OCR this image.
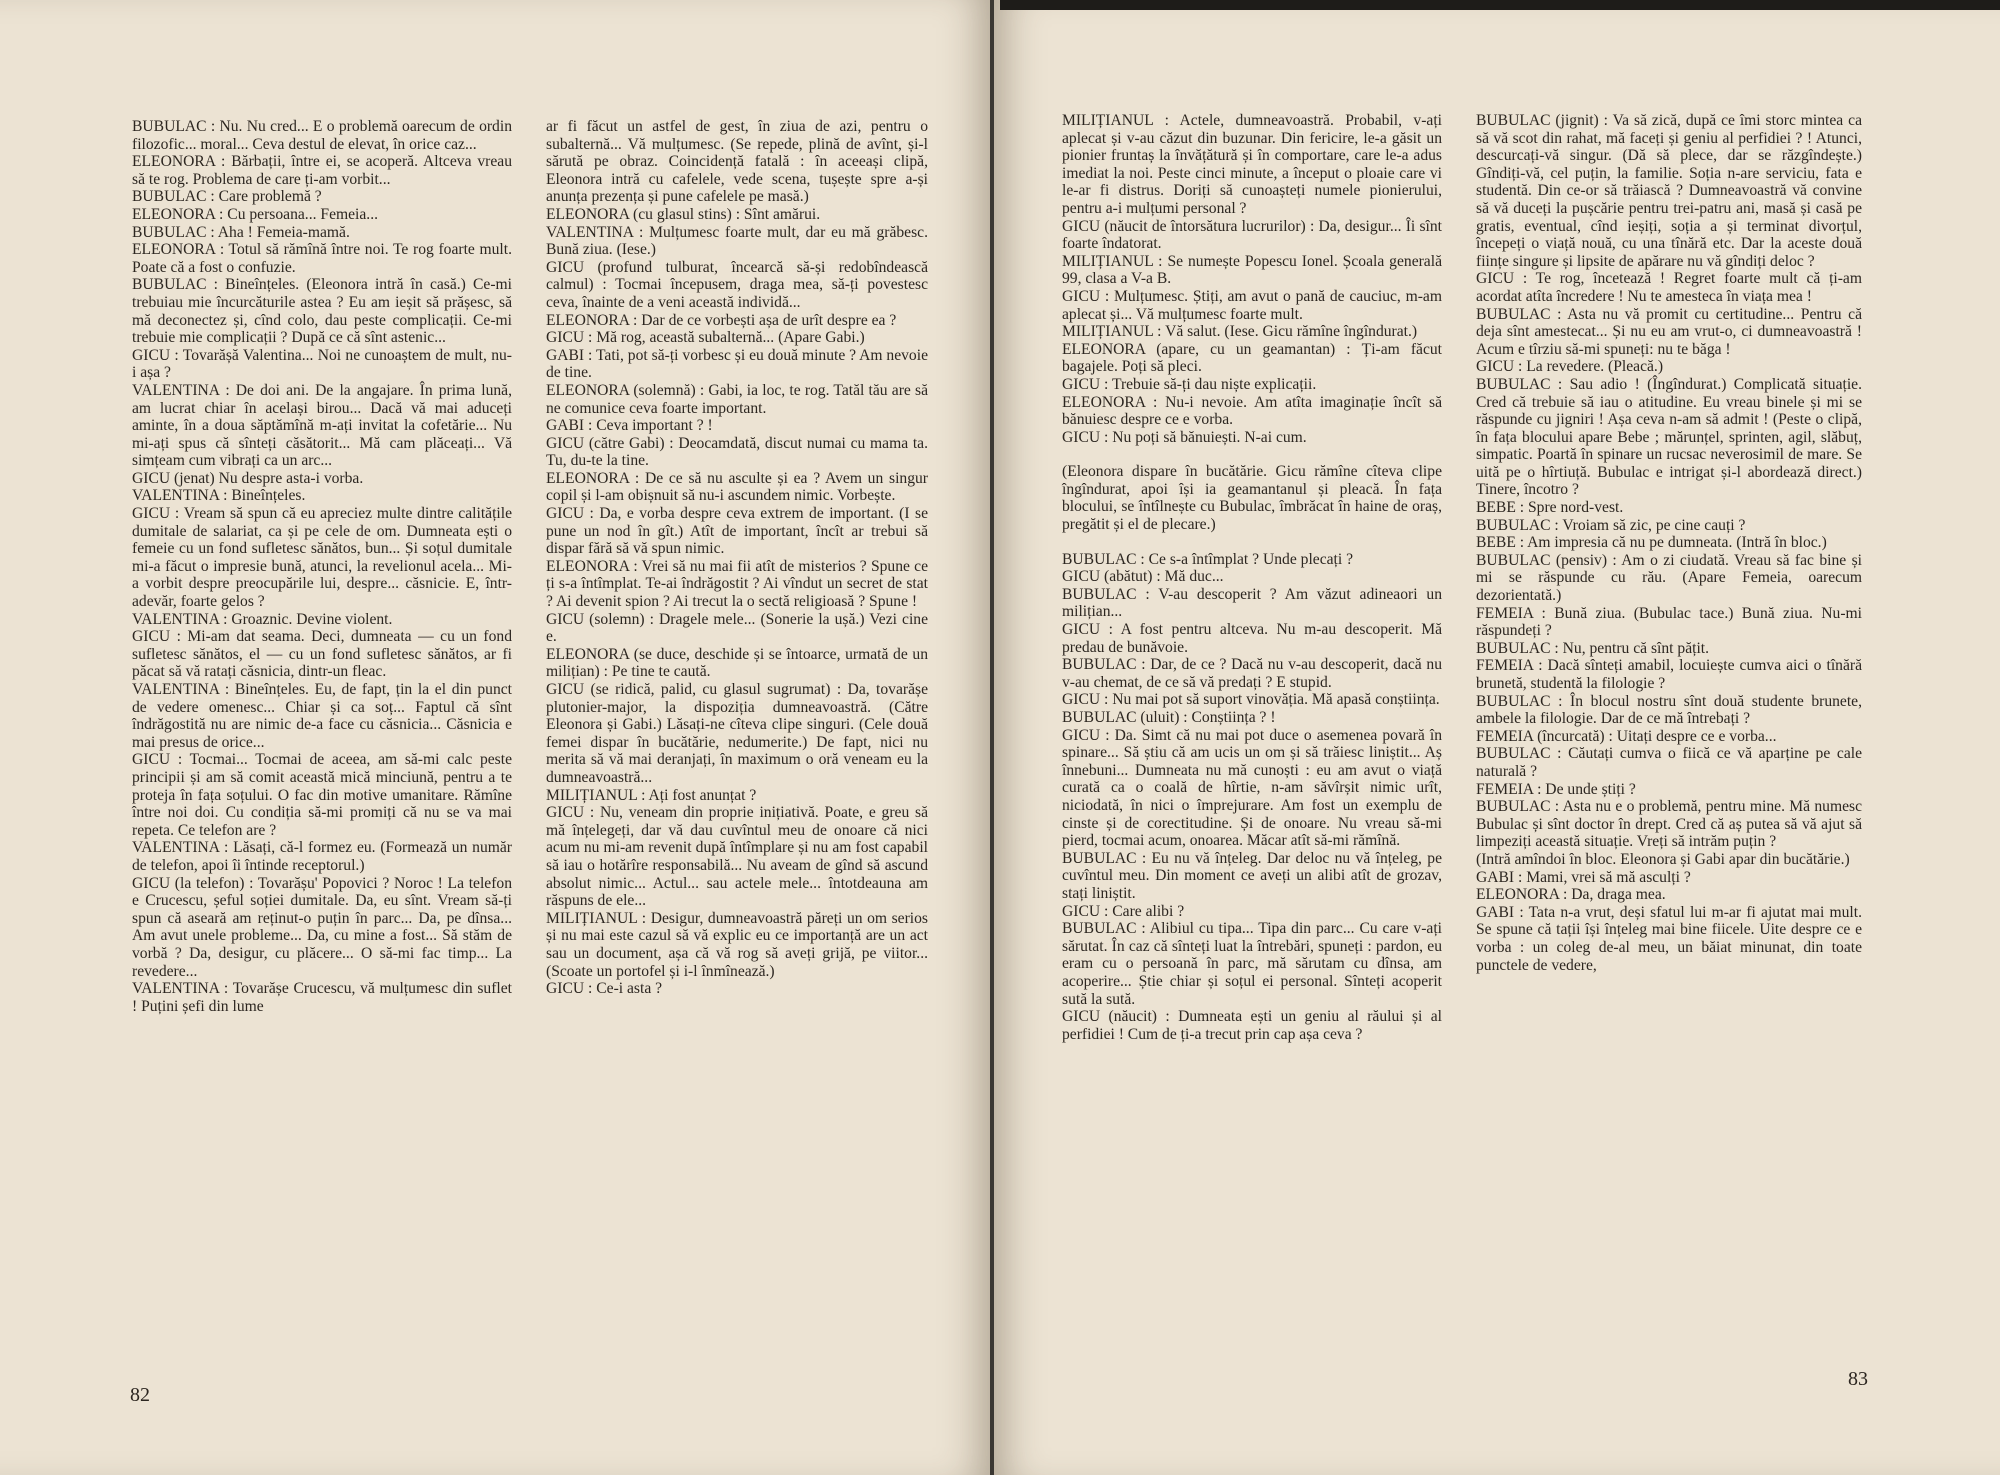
BUBULAC : Nu. Nu cred... E o problemă oarecum de ordin filozofic... moral... Ceva destul de elevat, în orice caz...

ELEONORA : Bărbații, între ei, se acoperă. Altceva vreau să te rog. Problema de care ți-am vorbit...

BUBULAC : Care problemă ?

ELEONORA : Cu persoana... Femeia...

BUBULAC : Aha ! Femeia-mamă.

ELEONORA : Totul să rămînă între noi. Te rog foarte mult. Poate că a fost o confuzie.

BUBULAC : Bineînțeles. (Eleonora intră în casă.) Ce-mi trebuiau mie încurcăturile astea ? Eu am ieșit să prășesc, să mă deconectez și, cînd colo, dau peste complicații. Ce-mi trebuie mie complicații ? După ce că sînt astenic...

GICU : Tovarășă Valentina... Noi ne cunoaștem de mult, nu-i așa ?

VALENTINA : De doi ani. De la angajare. În prima lună, am lucrat chiar în același birou... Dacă vă mai aduceți aminte, în a doua săptămînă m-ați invitat la cofetărie... Nu mi-ați spus că sînteți căsătorit... Mă cam plăceați... Vă simțeam cum vibrați ca un arc...

GICU (jenat) Nu despre asta-i vorba.

VALENTINA : Bineînțeles.

GICU : Vream să spun că eu apreciez multe dintre calitățile dumitale de salariat, ca și pe cele de om. Dumneata ești o femeie cu un fond sufletesc sănătos, bun... Și soțul dumitale mi-a făcut o impresie bună, atunci, la revelionul acela... Mi-a vorbit despre preocupările lui, despre... căsnicie. E, într-adevăr, foarte gelos ?

VALENTINA : Groaznic. Devine violent.

GICU : Mi-am dat seama. Deci, dumneata — cu un fond sufletesc sănătos, el — cu un fond sufletesc sănătos, ar fi păcat să vă ratați căsnicia, dintr-un fleac.

VALENTINA : Bineînțeles. Eu, de fapt, țin la el din punct de vedere omenesc... Chiar și ca soț... Faptul că sînt îndrăgostită nu are nimic de-a face cu căsnicia... Căsnicia e mai presus de orice...

GICU : Tocmai... Tocmai de aceea, am să-mi calc peste principii și am să comit această mică minciună, pentru a te proteja în fața soțului. O fac din motive umanitare. Rămîne între noi doi. Cu condiția să-mi promiți că nu se va mai repeta. Ce telefon are ?

VALENTINA : Lăsați, că-l formez eu. (Formează un număr de telefon, apoi îi întinde receptorul.)

GICU (la telefon) : Tovarășu' Popovici ? Noroc ! La telefon e Crucescu, șeful soției dumitale. Da, eu sînt. Vream să-ți spun că aseară am reținut-o puțin în parc... Da, pe dînsa... Am avut unele probleme... Da, cu mine a fost... Să stăm de vorbă ? Da, desigur, cu plăcere... O să-mi fac timp... La revedere...

VALENTINA : Tovarășe Crucescu, vă mulțumesc din suflet ! Puțini șefi din lume

ar fi făcut un astfel de gest, în ziua de azi, pentru o subalternă... Vă mulțumesc. (Se repede, plină de avînt, și-l sărută pe obraz. Coincidență fatală : în aceeași clipă, Eleonora intră cu cafelele, vede scena, tușește spre a-și anunța prezența și pune cafelele pe masă.)

ELEONORA (cu glasul stins) : Sînt amărui.

VALENTINA : Mulțumesc foarte mult, dar eu mă grăbesc. Bună ziua. (Iese.)

GICU (profund tulburat, încearcă să-și redobîndească calmul) : Tocmai începusem, draga mea, să-ți povestesc ceva, înainte de a veni această individă...

ELEONORA : Dar de ce vorbești așa de urît despre ea ?

GICU : Mă rog, această subalternă... (Apare Gabi.)

GABI : Tati, pot să-ți vorbesc și eu două minute ? Am nevoie de tine.

ELEONORA (solemnă) : Gabi, ia loc, te rog. Tatăl tău are să ne comunice ceva foarte important.

GABI : Ceva important ? !

GICU (către Gabi) : Deocamdată, discut numai cu mama ta. Tu, du-te la tine.

ELEONORA : De ce să nu asculte și ea ? Avem un singur copil și l-am obișnuit să nu-i ascundem nimic. Vorbește.

GICU : Da, e vorba despre ceva extrem de important. (I se pune un nod în gît.) Atît de important, încît ar trebui să dispar fără să vă spun nimic.

ELEONORA : Vrei să nu mai fii atît de misterios ? Spune ce ți s-a întîmplat. Te-ai îndrăgostit ? Ai vîndut un secret de stat ? Ai devenit spion ? Ai trecut la o sectă religioasă ? Spune !

GICU (solemn) : Dragele mele... (Sonerie la ușă.) Vezi cine e.

ELEONORA (se duce, deschide și se întoarce, urmată de un milițian) : Pe tine te caută.

GICU (se ridică, palid, cu glasul sugrumat) : Da, tovarășe plutonier-major, la dispoziția dumneavoastră. (Către Eleonora și Gabi.) Lăsați-ne cîteva clipe singuri. (Cele două femei dispar în bucătărie, nedumerite.) De fapt, nici nu merita să vă mai deranjați, în maximum o oră veneam eu la dumneavoastră...

MILIȚIANUL : Ați fost anunțat ?

GICU : Nu, veneam din proprie inițiativă. Poate, e greu să mă înțelegeți, dar vă dau cuvîntul meu de onoare că nici acum nu mi-am revenit după întîmplare și nu am fost capabil să iau o hotărîre responsabilă... Nu aveam de gînd să ascund absolut nimic... Actul... sau actele mele... întotdeauna am răspuns de ele...

MILIȚIANUL : Desigur, dumneavoastră păreți un om serios și nu mai este cazul să vă explic eu ce importanță are un act sau un document, așa că vă rog să aveți grijă, pe viitor... (Scoate un portofel și i-l înmînează.)

GICU : Ce-i asta ?

82

MILIȚIANUL : Actele, dumneavoastră. Probabil, v-ați aplecat și v-au căzut din buzunar. Din fericire, le-a găsit un pionier fruntaș la învățătură și în comportare, care le-a adus imediat la noi. Peste cinci minute, a început o ploaie care vi le-ar fi distrus. Doriți să cunoașteți numele pionierului, pentru a-i mulțumi personal ?

GICU (năucit de întorsătura lucrurilor) : Da, desigur... Îi sînt foarte îndatorat.

MILIȚIANUL : Se numește Popescu Ionel. Școala generală 99, clasa a V-a B.

GICU : Mulțumesc. Știți, am avut o pană de cauciuc, m-am aplecat și... Vă mulțumesc foarte mult.

MILIȚIANUL : Vă salut. (Iese. Gicu rămîne îngîndurat.)

ELEONORA (apare, cu un geamantan) : Ți-am făcut bagajele. Poți să pleci.

GICU : Trebuie să-ți dau niște explicații.

ELEONORA : Nu-i nevoie. Am atîta imaginație încît să bănuiesc despre ce e vorba.

GICU : Nu poți să bănuiești. N-ai cum.

(Eleonora dispare în bucătărie. Gicu rămîne cîteva clipe îngîndurat, apoi își ia geamantanul și pleacă. În fața blocului, se întîlnește cu Bubulac, îmbrăcat în haine de oraș, pregătit și el de plecare.)

BUBULAC : Ce s-a întîmplat ? Unde plecați ?

GICU (abătut) : Mă duc...

BUBULAC : V-au descoperit ? Am văzut adineaori un milițian...

GICU : A fost pentru altceva. Nu m-au descoperit. Mă predau de bunăvoie.

BUBULAC : Dar, de ce ? Dacă nu v-au descoperit, dacă nu v-au chemat, de ce să vă predați ? E stupid.

GICU : Nu mai pot să suport vinovăția. Mă apasă conștiința.

BUBULAC (uluit) : Conștiința ? !

GICU : Da. Simt că nu mai pot duce o asemenea povară în spinare... Să știu că am ucis un om și să trăiesc liniștit... Aș înnebuni... Dumneata nu mă cunoști : eu am avut o viață curată ca o coală de hîrtie, n-am săvîrșit nimic urît, niciodată, în nici o împrejurare. Am fost un exemplu de cinste și de corectitudine. Și de onoare. Nu vreau să-mi pierd, tocmai acum, onoarea. Măcar atît să-mi rămînă.

BUBULAC : Eu nu vă înțeleg. Dar deloc nu vă înțeleg, pe cuvîntul meu. Din moment ce aveți un alibi atît de grozav, stați liniștit.

GICU : Care alibi ?

BUBULAC : Alibiul cu tipa... Tipa din parc... Cu care v-ați sărutat. În caz că sînteți luat la întrebări, spuneți : pardon, eu eram cu o persoană în parc, mă sărutam cu dînsa, am acoperire... Știe chiar și soțul ei personal. Sînteți acoperit sută la sută.

GICU (năucit) : Dumneata ești un geniu al răului și al perfidiei ! Cum de ți-a trecut prin cap așa ceva ?

BUBULAC (jignit) : Va să zică, după ce îmi storc mintea ca să vă scot din rahat, mă faceți și geniu al perfidiei ? ! Atunci, descurcați-vă singur. (Dă să plece, dar se răzgîndește.) Gîndiți-vă, cel puțin, la familie. Soția n-are serviciu, fata e studentă. Din ce-or să trăiască ? Dumneavoastră vă convine să vă duceți la pușcărie pentru trei-patru ani, masă și casă pe gratis, eventual, cînd ieșiți, soția a și terminat divorțul, începeți o viață nouă, cu una tînără etc. Dar la aceste două ființe singure și lipsite de apărare nu vă gîndiți deloc ?

GICU : Te rog, încetează ! Regret foarte mult că ți-am acordat atîta încredere ! Nu te amesteca în viața mea !

BUBULAC : Asta nu vă promit cu certitudine... Pentru că deja sînt amestecat... Și nu eu am vrut-o, ci dumneavoastră ! Acum e tîrziu să-mi spuneți: nu te băga !

GICU : La revedere. (Pleacă.)

BUBULAC : Sau adio ! (Îngîndurat.) Complicată situație. Cred că trebuie să iau o atitudine. Eu vreau binele și mi se răspunde cu jigniri ! Așa ceva n-am să admit ! (Peste o clipă, în fața blocului apare Bebe ; mărunțel, sprinten, agil, slăbuț, simpatic. Poartă în spinare un rucsac neverosimil de mare. Se uită pe o hîrtiuță. Bubulac e intrigat și-l abordează direct.) Tinere, încotro ?

BEBE : Spre nord-vest.

BUBULAC : Vroiam să zic, pe cine cauți ?

BEBE : Am impresia că nu pe dumneata. (Intră în bloc.)

BUBULAC (pensiv) : Am o zi ciudată. Vreau să fac bine și mi se răspunde cu rău. (Apare Femeia, oarecum dezorientată.)

FEMEIA : Bună ziua. (Bubulac tace.) Bună ziua. Nu-mi răspundeți ?

BUBULAC : Nu, pentru că sînt pățit.

FEMEIA : Dacă sînteți amabil, locuiește cumva aici o tînără brunetă, studentă la filologie ?

BUBULAC : În blocul nostru sînt două studente brunete, ambele la filologie. Dar de ce mă întrebați ?

FEMEIA (încurcată) : Uitați despre ce e vorba...

BUBULAC : Căutați cumva o fiică ce vă aparține pe cale naturală ?

FEMEIA : De unde știți ?

BUBULAC : Asta nu e o problemă, pentru mine. Mă numesc Bubulac și sînt doctor în drept. Cred că aș putea să vă ajut să limpeziți această situație. Vreți să intrăm puțin ?

(Intră amîndoi în bloc. Eleonora și Gabi apar din bucătărie.)

GABI : Mami, vrei să mă asculți ?

ELEONORA : Da, draga mea.

GABI : Tata n-a vrut, deși sfatul lui m-ar fi ajutat mai mult. Se spune că tații își înțeleg mai bine fiicele. Uite despre ce e vorba : un coleg de-al meu, un băiat minunat, din toate punctele de vedere,

83
